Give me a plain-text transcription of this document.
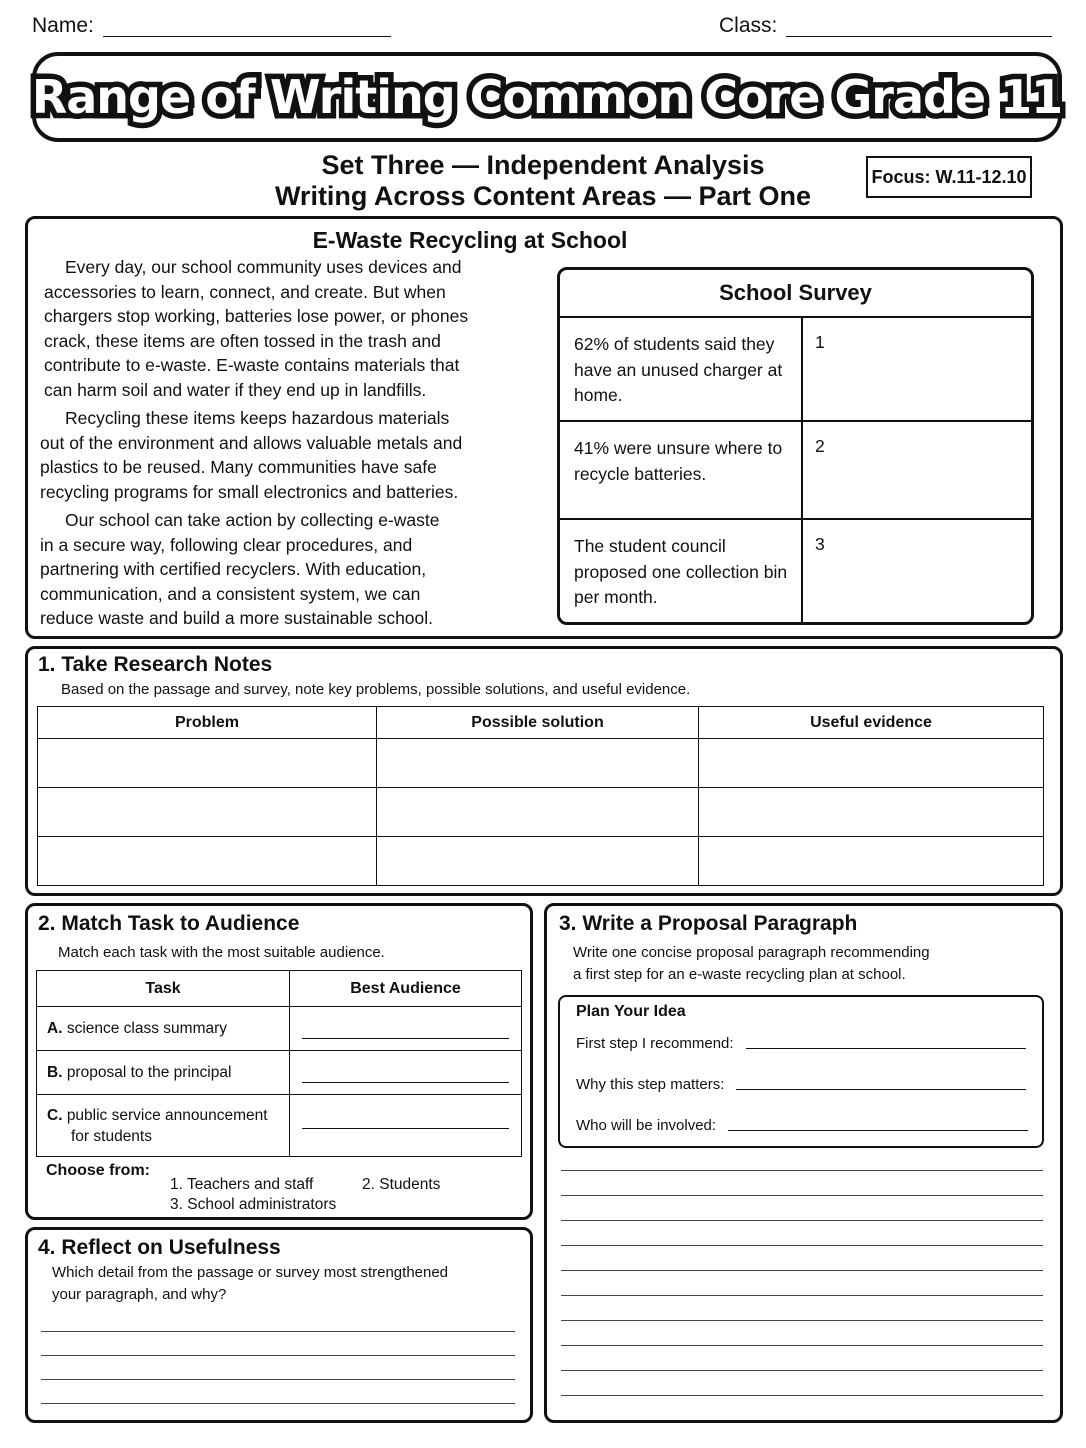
Name:	Class:
Range of Writing Common Core Grade 11
Set Three — Independent Analysis
Writing Across Content Areas — Part One
Focus: W.11-12.10
E-Waste Recycling at School
Every day, our school community uses devices and
accessories to learn, connect, and create. But when
chargers stop working, batteries lose power, or phones
crack, these items are often tossed in the trash and
contribute to e-waste. E-waste contains materials that
can harm soil and water if they end up in landfills.
Recycling these items keeps hazardous materials
out of the environment and allows valuable metals and
plastics to be reused. Many communities have safe
recycling programs for small electronics and batteries.
Our school can take action by collecting e-waste
in a secure way, following clear procedures, and
partnering with certified recyclers. With education,
communication, and a consistent system, we can
reduce waste and build a more sustainable school.
School Survey
62% of students said they have an unused charger at home.
1
41% were unsure where to recycle batteries.
2
The student council proposed one collection bin per month.
3
1. Take Research Notes
Based on the passage and survey, note key problems, possible solutions, and useful evidence.
Problem	Possible solution	Useful evidence

2. Match Task to Audience
Match each task with the most suitable audience.
Task	Best Audience
A. science class summary	

B. proposal to the principal	

C. public service announcement
for students	
Choose from:
1. Teachers and staff	2. Students
3. School administrators
4. Reflect on Usefulness
Which detail from the passage or survey most strengthened
your paragraph, and why?
3. Write a Proposal Paragraph
Write one concise proposal paragraph recommending
a first step for an e-waste recycling plan at school.
Plan Your Idea
First step I recommend:
Why this step matters:
Who will be involved:
